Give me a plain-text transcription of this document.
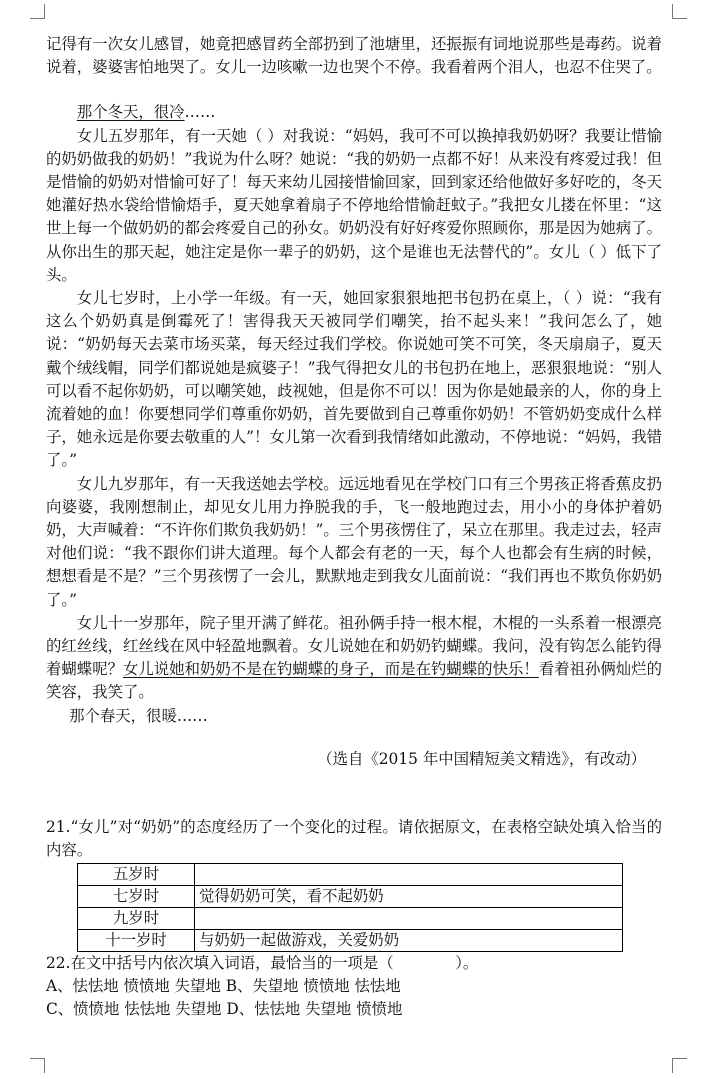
记得有一次女儿感冒，她竟把感冒药全部扔到了池塘里，还振振有词地说那些是毒药。说着说着，婆婆害怕地哭了。女儿一边咳嗽一边也哭个不停。我看着两个泪人，也忍不住哭了。

那个冬天，很冷……

女儿五岁那年，有一天她（ ）对我说：“妈妈，我可不可以换掉我奶奶呀？我要让惜愉的奶奶做我的奶奶！”我说为什么呀？她说：“我的奶奶一点都不好！从来没有疼爱过我！但是惜愉的奶奶对惜愉可好了！每天来幼儿园接惜愉回家，回到家还给他做好多好吃的，冬天她灌好热水袋给惜愉焐手，夏天她拿着扇子不停地给惜愉赶蚊子。”我把女儿搂在怀里：“这世上每一个做奶奶的都会疼爱自己的孙女。奶奶没有好好疼爱你照顾你，那是因为她病了。从你出生的那天起，她注定是你一辈子的奶奶，这个是谁也无法替代的”。女儿（ ）低下了头。

女儿七岁时，上小学一年级。有一天，她回家狠狠地把书包扔在桌上，（ ）说：“我有这么个奶奶真是倒霉死了！害得我天天被同学们嘲笑，抬不起头来！”我问怎么了，她说：“奶奶每天去菜市场买菜，每天经过我们学校。你说她可笑不可笑，冬天扇扇子，夏天戴个绒线帽，同学们都说她是疯婆子！”我气得把女儿的书包扔在地上，恶狠狠地说：“别人可以看不起你奶奶，可以嘲笑她，歧视她，但是你不可以！因为你是她最亲的人，你的身上流着她的血！你要想同学们尊重你奶奶，首先要做到自己尊重你奶奶！不管奶奶变成什么样子，她永远是你要去敬重的人”！女儿第一次看到我情绪如此激动，不停地说：“妈妈，我错了。”

女儿九岁那年，有一天我送她去学校。远远地看见在学校门口有三个男孩正将香蕉皮扔向婆婆，我刚想制止，却见女儿用力挣脱我的手，飞一般地跑过去，用小小的身体护着奶奶，大声喊着：“不许你们欺负我奶奶！”。三个男孩愣住了，呆立在那里。我走过去，轻声对他们说：“我不跟你们讲大道理。每个人都会有老的一天，每个人也都会有生病的时候，想想看是不是？”三个男孩愣了一会儿，默默地走到我女儿面前说：“我们再也不欺负你奶奶了。”

女儿十一岁那年，院子里开满了鲜花。祖孙俩手持一根木棍，木棍的一头系着一根漂亮的红丝线，红丝线在风中轻盈地飘着。女儿说她在和奶奶钓蝴蝶。我问，没有钩怎么能钓得着蝴蝶呢？女儿说她和奶奶不是在钓蝴蝶的身子，而是在钓蝴蝶的快乐！看着祖孙俩灿烂的笑容，我笑了。

那个春天，很暖……

（选自《2015 年中国精短美文精选》，有改动）

21.“女儿”对“奶奶”的态度经历了一个变化的过程。请依据原文，在表格空缺处填入恰当的内容。

五岁时	
七岁时	觉得奶奶可笑，看不起奶奶
九岁时	
十一岁时	与奶奶一起做游戏，关爱奶奶

22.在文中括号内依次填入词语，最恰当的一项是（　　　　）。

A、怯怯地 愤愤地 失望地 B、失望地 愤愤地 怯怯地

C、愤愤地 怯怯地 失望地 D、怯怯地 失望地 愤愤地
